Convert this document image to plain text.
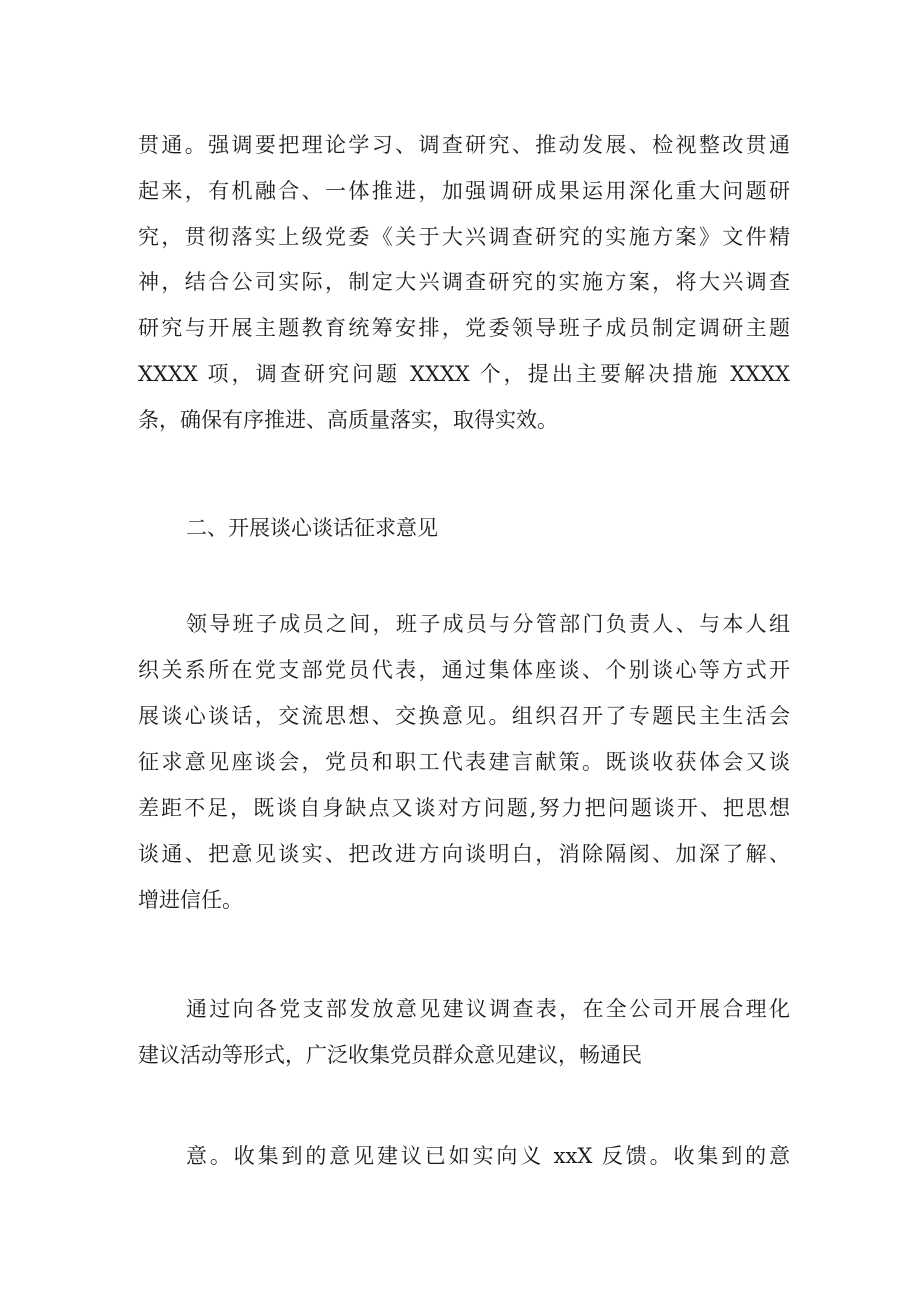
贯通。强调要把理论学习、调查研究、推动发展、检视整改贯通
起来，有机融合、一体推进，加强调研成果运用深化重大问题研
究，贯彻落实上级党委《关于大兴调查研究的实施方案》文件精
神，结合公司实际，制定大兴调查研究的实施方案，将大兴调查
研究与开展主题教育统筹安排，党委领导班子成员制定调研主题
XXXX 项，调查研究问题 XXXX 个，提出主要解决措施 XXXX
条，确保有序推进、高质量落实，取得实效。
二、开展谈心谈话征求意见
领导班子成员之间，班子成员与分管部门负责人、与本人组
织关系所在党支部党员代表，通过集体座谈、个别谈心等方式开
展谈心谈话，交流思想、交换意见。组织召开了专题民主生活会
征求意见座谈会，党员和职工代表建言献策。既谈收获体会又谈
差距不足，既谈自身缺点又谈对方问题,努力把问题谈开、把思想
谈通、把意见谈实、把改进方向谈明白，消除隔阂、加深了解、
增进信任。
通过向各党支部发放意见建议调查表，在全公司开展合理化
建议活动等形式，广泛收集党员群众意见建议，畅通民
意。收集到的意见建议已如实向义 xxX 反馈。收集到的意
